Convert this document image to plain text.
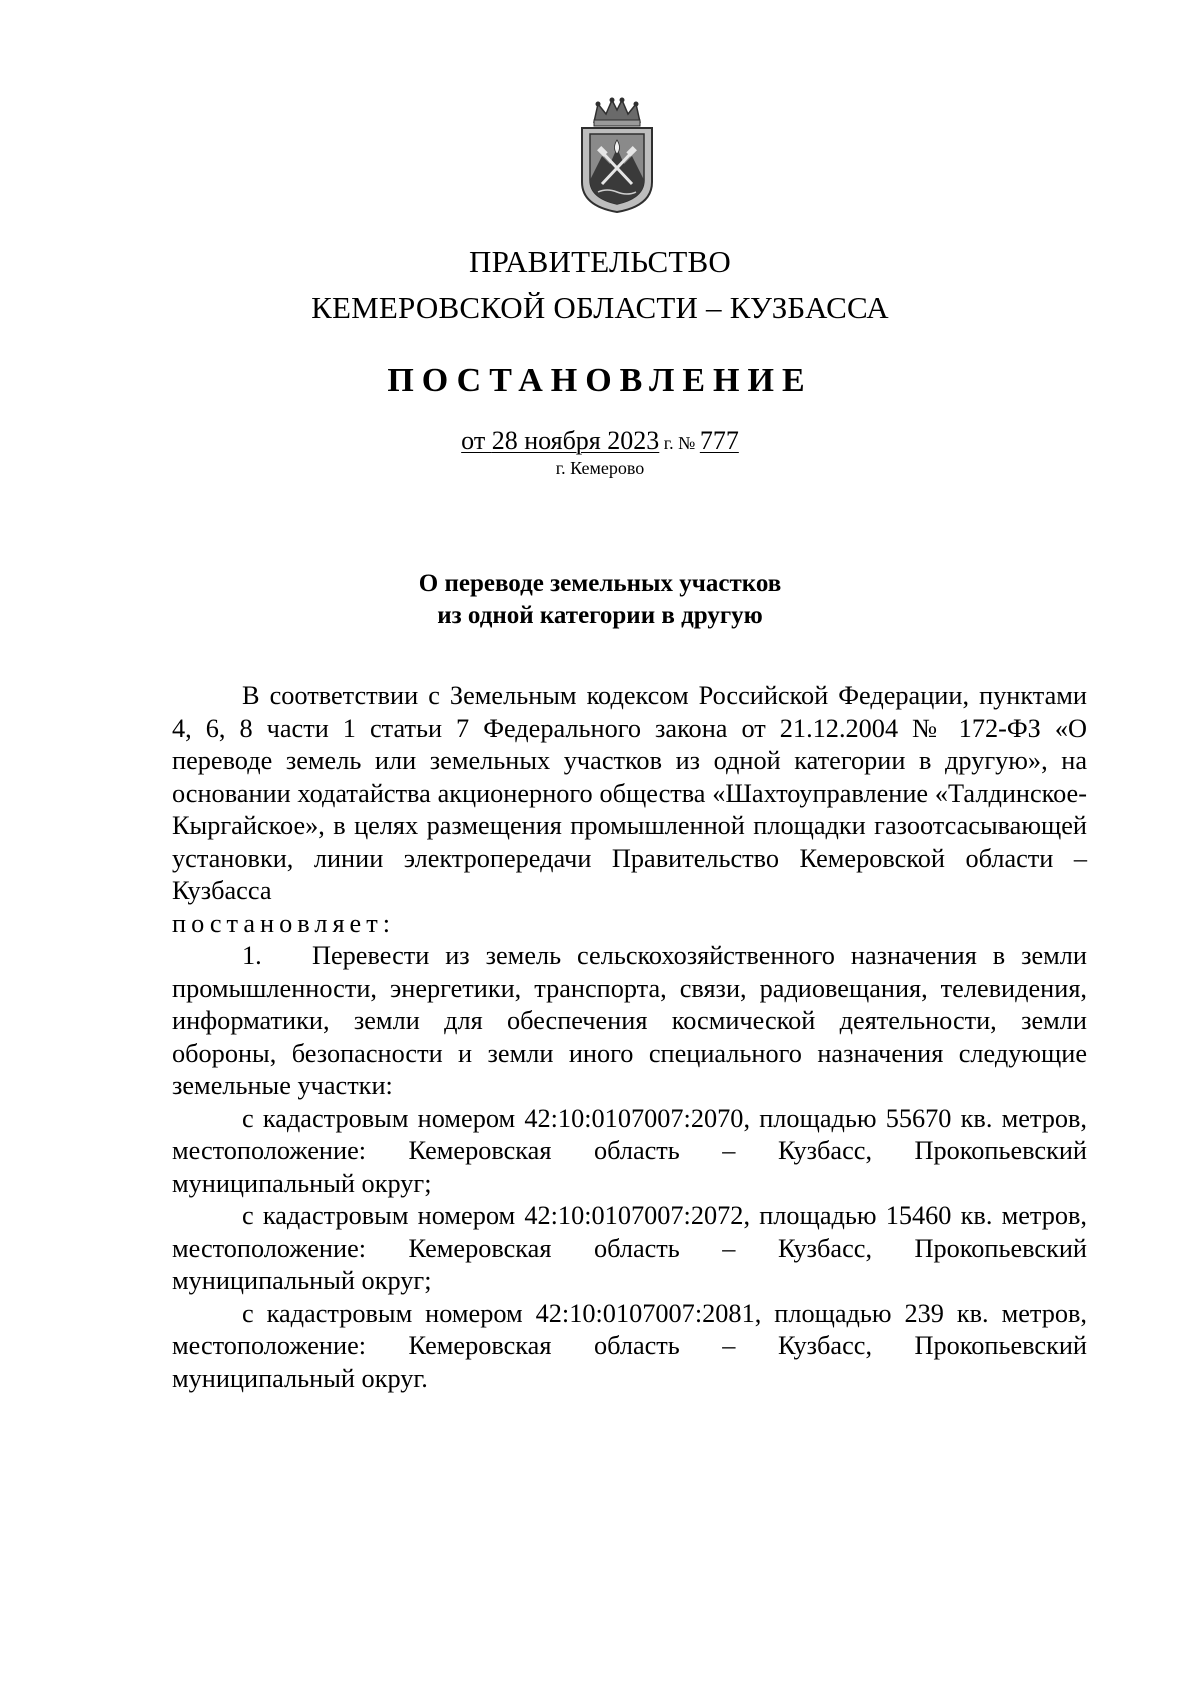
ПРАВИТЕЛЬСТВО
КЕМЕРОВСКОЙ ОБЛАСТИ – КУЗБАССА
ПОСТАНОВЛЕНИЕ
от 28 ноября 2023 г. № 777
г. Кемерово
О переводе земельных участков
из одной категории в другую

В соответствии с Земельным кодексом Российской Федерации, пунктами 4, 6, 8 части 1 статьи 7 Федерального закона от 21.12.2004 № 172-ФЗ «О переводе земель или земельных участков из одной категории в другую», на основании ходатайства акционерного общества «Шахтоуправление «Талдинское-Кыргайское», в целях размещения промышленной площадки газоотсасывающей установки, линии электропередачи Правительство Кемеровской области – Кузбасса

постановляет:

1. Перевести из земель сельскохозяйственного назначения в земли промышленности, энергетики, транспорта, связи, радиовещания, телевидения, информатики, земли для обеспечения космической деятельности, земли обороны, безопасности и земли иного специального назначения следующие земельные участки:

с кадастровым номером 42:10:0107007:2070, площадью 55670 кв. метров, местоположение: Кемеровская область – Кузбасс, Прокопьевский муниципальный округ;

с кадастровым номером 42:10:0107007:2072, площадью 15460 кв. метров, местоположение: Кемеровская область – Кузбасс, Прокопьевский муниципальный округ;

с кадастровым номером 42:10:0107007:2081, площадью 239 кв. метров, местоположение: Кемеровская область – Кузбасс, Прокопьевский муниципальный округ.
